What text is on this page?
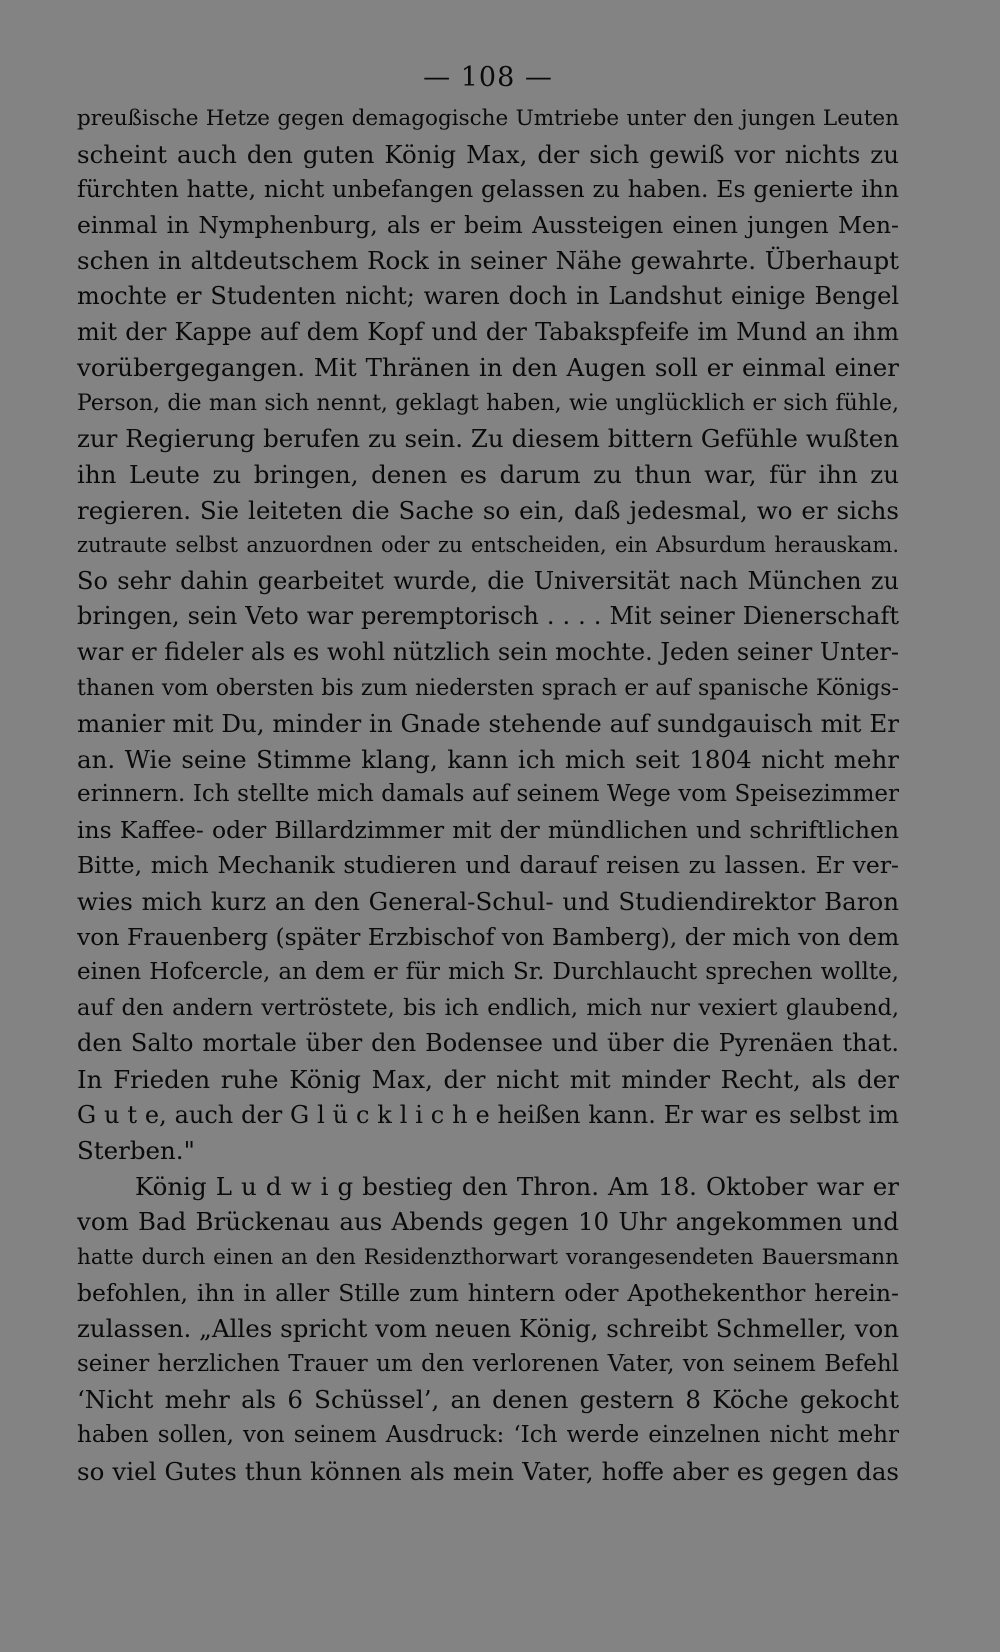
— 108 —
preußische Hetze gegen demagogische Umtriebe unter den jungen Leuten
scheint auch den guten König Max, der sich gewiß vor nichts zu
fürchten hatte, nicht unbefangen gelassen zu haben. Es genierte ihn
einmal in Nymphenburg, als er beim Aussteigen einen jungen Men-
schen in altdeutschem Rock in seiner Nähe gewahrte. Überhaupt
mochte er Studenten nicht; waren doch in Landshut einige Bengel
mit der Kappe auf dem Kopf und der Tabakspfeife im Mund an ihm
vorübergegangen. Mit Thränen in den Augen soll er einmal einer
Person, die man sich nennt, geklagt haben, wie unglücklich er sich fühle,
zur Regierung berufen zu sein. Zu diesem bittern Gefühle wußten
ihn Leute zu bringen, denen es darum zu thun war, für ihn zu
regieren. Sie leiteten die Sache so ein, daß jedesmal, wo er sichs
zutraute selbst anzuordnen oder zu entscheiden, ein Absurdum herauskam.
So sehr dahin gearbeitet wurde, die Universität nach München zu
bringen, sein Veto war peremptorisch . . . . Mit seiner Dienerschaft
war er fideler als es wohl nützlich sein mochte. Jeden seiner Unter-
thanen vom obersten bis zum niedersten sprach er auf spanische Königs-
manier mit Du, minder in Gnade stehende auf sundgauisch mit Er
an. Wie seine Stimme klang, kann ich mich seit 1804 nicht mehr
erinnern. Ich stellte mich damals auf seinem Wege vom Speisezimmer
ins Kaffee- oder Billardzimmer mit der mündlichen und schriftlichen
Bitte, mich Mechanik studieren und darauf reisen zu lassen. Er ver-
wies mich kurz an den General-Schul- und Studiendirektor Baron
von Frauenberg (später Erzbischof von Bamberg), der mich von dem
einen Hofcercle, an dem er für mich Sr. Durchlaucht sprechen wollte,
auf den andern vertröstete, bis ich endlich, mich nur vexiert glaubend,
den Salto mortale über den Bodensee und über die Pyrenäen that.
In Frieden ruhe König Max, der nicht mit minder Recht, als der
G u t e, auch der G l ü c k l i c h e heißen kann. Er war es selbst im
Sterben."
König L u d w i g bestieg den Thron. Am 18. Oktober war er
vom Bad Brückenau aus Abends gegen 10 Uhr angekommen und
hatte durch einen an den Residenzthorwart vorangesendeten Bauersmann
befohlen, ihn in aller Stille zum hintern oder Apothekenthor herein-
zulassen. „Alles spricht vom neuen König, schreibt Schmeller, von
seiner herzlichen Trauer um den verlorenen Vater, von seinem Befehl
‘Nicht mehr als 6 Schüssel’, an denen gestern 8 Köche gekocht
haben sollen, von seinem Ausdruck: ‘Ich werde einzelnen nicht mehr
so viel Gutes thun können als mein Vater, hoffe aber es gegen das
